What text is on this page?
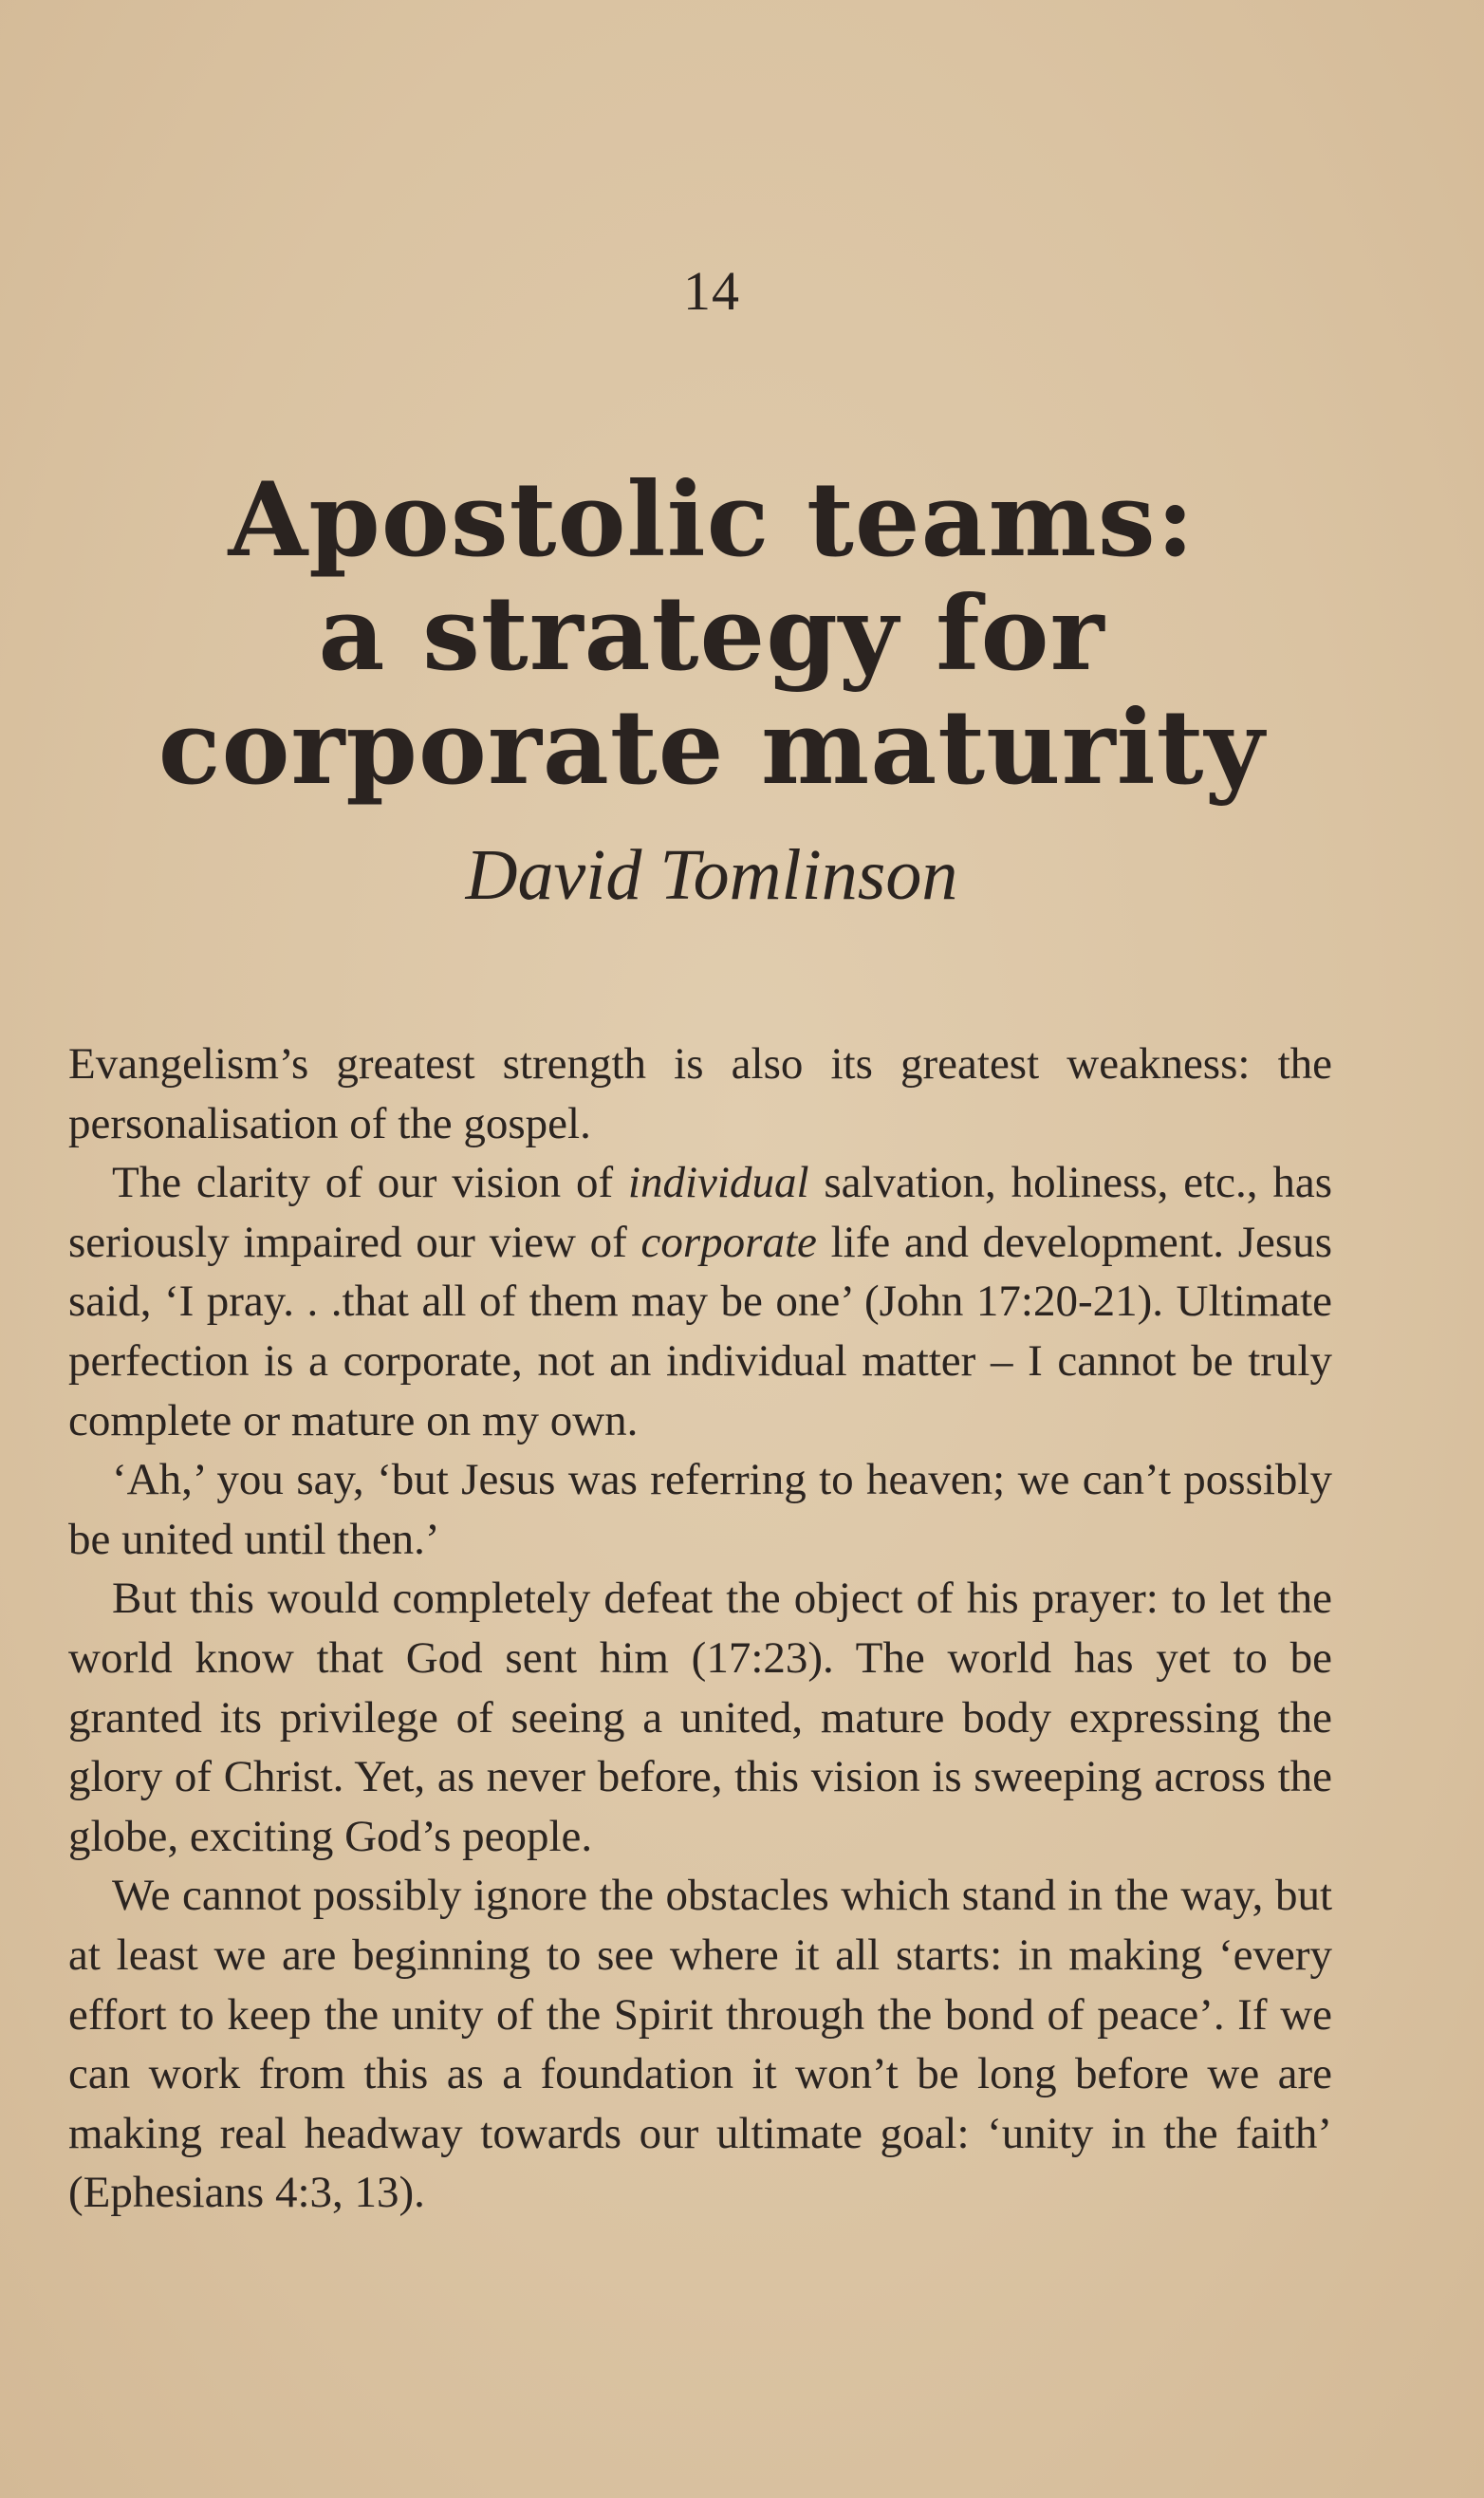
14
Apostolic teams:
a strategy for
corporate maturity
David Tomlinson

Evangelism’s greatest strength is also its greatest weakness: the personalisation of the gospel.

The clarity of our vision of individual salvation, holiness, etc., has seriously impaired our view of corporate life and development. Jesus said, ‘I pray. . .that all of them may be one’ (John 17:20-21). Ultimate perfection is a corporate, not an individual matter – I cannot be truly complete or mature on my own.

‘Ah,’ you say, ‘but Jesus was referring to heaven; we can’t possibly be united until then.’

But this would completely defeat the object of his prayer: to let the world know that God sent him (17:23). The world has yet to be granted its privilege of seeing a united, mature body expressing the glory of Christ. Yet, as never before, this vision is sweeping across the globe, exciting God’s people.

We cannot possibly ignore the obstacles which stand in the way, but at least we are beginning to see where it all starts: in making ‘every effort to keep the unity of the Spirit through the bond of peace’. If we can work from this as a foundation it won’t be long before we are making real headway towards our ultimate goal: ‘unity in the faith’ (Ephesians 4:3, 13).
